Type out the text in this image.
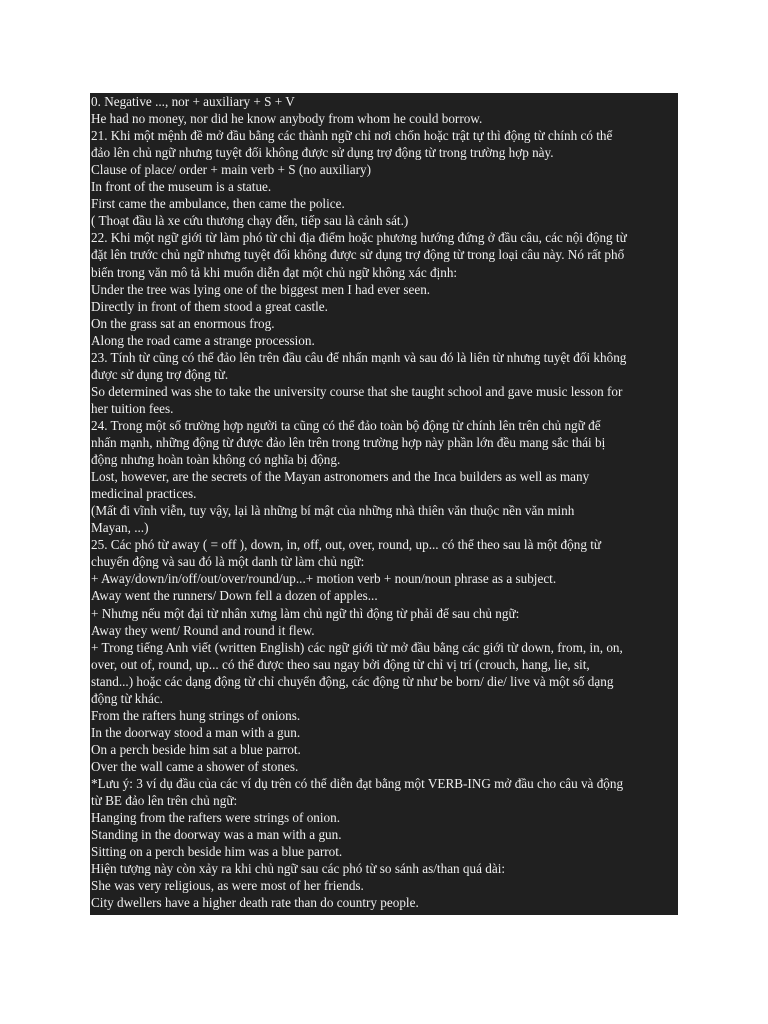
0. Negative ..., nor + auxiliary + S + V

He had no money, nor did he know anybody from whom he could borrow.

21. Khi một mệnh đề mở đầu bằng các thành ngữ chỉ nơi chốn hoặc trật tự thì động từ chính có thể

đảo lên chủ ngữ nhưng tuyệt đối không được sử dụng trợ động từ trong trường hợp này.

Clause of place/ order + main verb + S (no auxiliary)

In front of the museum is a statue.

First came the ambulance, then came the police.

( Thoạt đầu là xe cứu thương chạy đến, tiếp sau là cảnh sát.)

22. Khi một ngữ giới từ làm phó từ chỉ địa điểm hoặc phương hướng đứng ở đầu câu, các nội động từ

đặt lên trước chủ ngữ nhưng tuyệt đối không được sử dụng trợ động từ trong loại câu này. Nó rất phổ

biến trong văn mô tả khi muốn diễn đạt một chủ ngữ không xác định:

Under the tree was lying one of the biggest men I had ever seen.

Directly in front of them stood a great castle.

On the grass sat an enormous frog.

Along the road came a strange procession.

23. Tính từ cũng có thể đảo lên trên đầu câu để nhấn mạnh và sau đó là liên từ nhưng tuyệt đối không

được sử dụng trợ động từ.

So determined was she to take the university course that she taught school and gave music lesson for

her tuition fees.

24. Trong một số trường hợp người ta cũng có thể đảo toàn bộ động từ chính lên trên chủ ngữ để

nhấn mạnh, những động từ được đảo lên trên trong trường hợp này phần lớn đều mang sắc thái bị

động nhưng hoàn toàn không có nghĩa bị động.

Lost, however, are the secrets of the Mayan astronomers and the Inca builders as well as many

medicinal practices.

(Mất đi vĩnh viễn, tuy vậy, lại là những bí mật của những nhà thiên văn thuộc nền văn minh

Mayan, ...)

25. Các phó từ away ( = off ), down, in, off, out, over, round, up... có thể theo sau là một động từ

chuyển động và sau đó là một danh từ làm chủ ngữ:

+ Away/down/in/off/out/over/round/up...+ motion verb + noun/noun phrase as a subject.

Away went the runners/ Down fell a dozen of apples...

+ Nhưng nếu một đại từ nhân xưng làm chủ ngữ thì động từ phải để sau chủ ngữ:

Away they went/ Round and round it flew.

+ Trong tiếng Anh viết (written English) các ngữ giới từ mở đầu bằng các giới từ down, from, in, on,

over, out of, round, up... có thể được theo sau ngay bởi động từ chỉ vị trí (crouch, hang, lie, sit,

stand...) hoặc các dạng động từ chỉ chuyển động, các động từ như be born/ die/ live và một số dạng

động từ khác.

From the rafters hung strings of onions.

In the doorway stood a man with a gun.

On a perch beside him sat a blue parrot.

Over the wall came a shower of stones.

*Lưu ý: 3 ví dụ đầu của các ví dụ trên có thể diễn đạt bằng một VERB-ING mở đầu cho câu và động

từ BE đảo lên trên chủ ngữ:

Hanging from the rafters were strings of onion.

Standing in the doorway was a man with a gun.

Sitting on a perch beside him was a blue parrot.

Hiện tượng này còn xảy ra khi chủ ngữ sau các phó từ so sánh as/than quá dài:

She was very religious, as were most of her friends.

City dwellers have a higher death rate than do country people.
